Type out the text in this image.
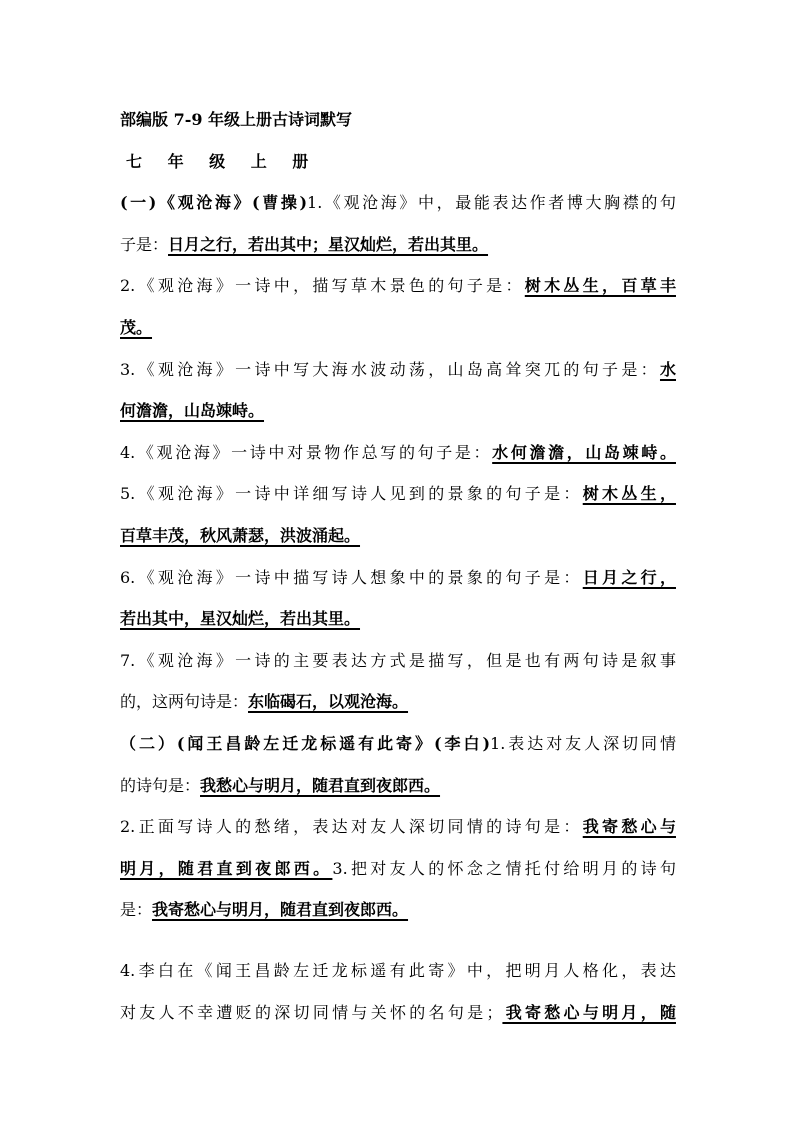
部编版 7-9 年级上册古诗词默写
七 年 级 上 册
(一)《观沧海》(曹操)1.《观沧海》中，最能表达作者博大胸襟的句
子是：日月之行，若出其中；星汉灿烂，若出其里。
2.《观沧海》一诗中，描写草木景色的句子是：树木丛生，百草丰
茂。
3.《观沧海》一诗中写大海水波动荡，山岛高耸突兀的句子是：水
何澹澹，山岛竦峙。
4.《观沧海》一诗中对景物作总写的句子是：水何澹澹，山岛竦峙。
5.《观沧海》一诗中详细写诗人见到的景象的句子是：树木丛生，
百草丰茂，秋风萧瑟，洪波涌起。
6.《观沧海》一诗中描写诗人想象中的景象的句子是：日月之行，
若出其中，星汉灿烂，若出其里。
7.《观沧海》一诗的主要表达方式是描写，但是也有两句诗是叙事
的，这两句诗是：东临碣石，以观沧海。
（二）(闻王昌龄左迁龙标遥有此寄》(李白)1.表达对友人深切同情
的诗句是：我愁心与明月，随君直到夜郎西。
2.正面写诗人的愁绪，表达对友人深切同情的诗句是：我寄愁心与
明月，随君直到夜郎西。3.把对友人的怀念之情托付给明月的诗句
是：我寄愁心与明月，随君直到夜郎西。
4.李白在《闻王昌龄左迁龙标遥有此寄》中，把明月人格化，表达
对友人不幸遭贬的深切同情与关怀的名句是；我寄愁心与明月，随
